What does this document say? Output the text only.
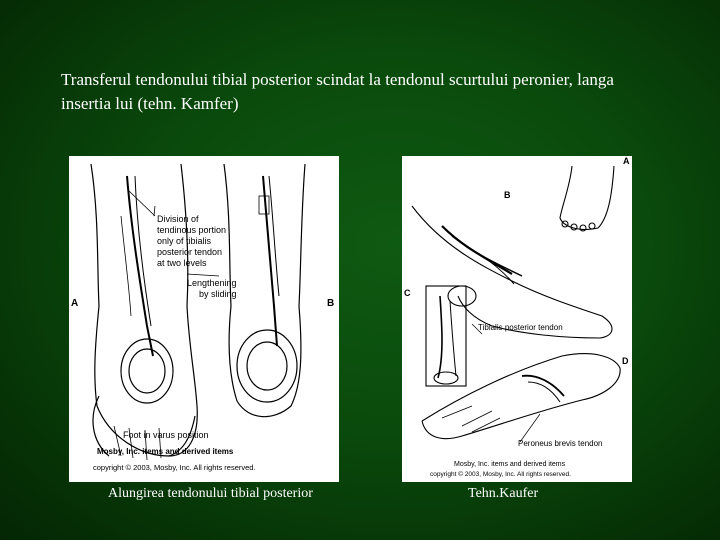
Transferul tendonului tibial posterior scindat la tendonul scurtului peronier, langa insertia lui (tehn. Kamfer)
A	B
Division of
tendinous portion
only of tibialis
posterior tendon
at two levels
Lengthening
by sliding
Foot in varus position
Mosby, Inc. items and derived items
copyright © 2003, Mosby, Inc. All rights reserved.
A
B
C
D
Tibialis posterior tendon
Peroneus brevis tendon
Mosby, Inc. items and derived items
copyright © 2003, Mosby, Inc. All rights reserved.
Alungirea tendonului tibial posterior	Tehn.Kaufer
